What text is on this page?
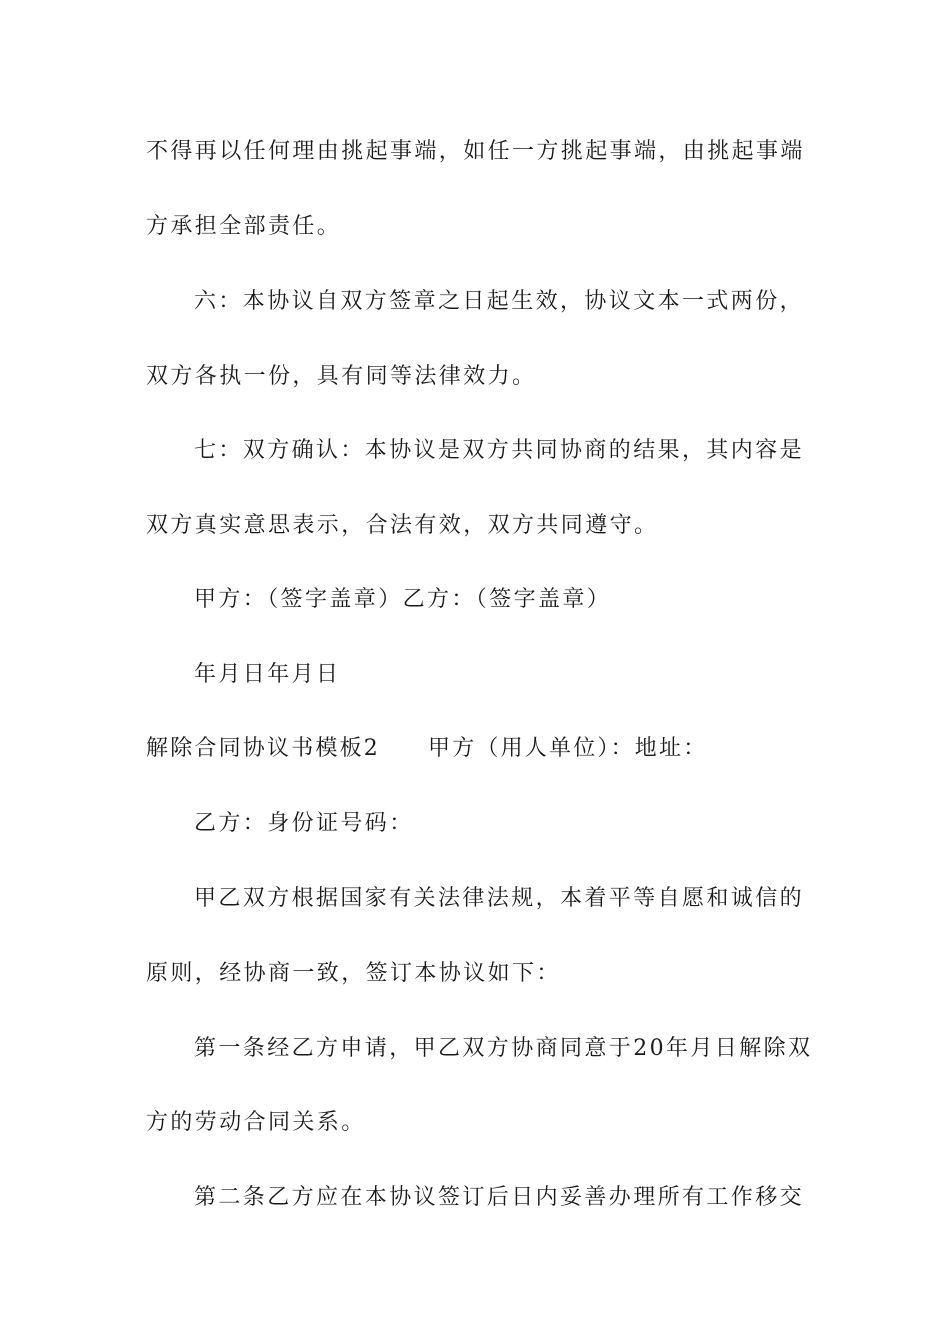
不得再以任何理由挑起事端，如任一方挑起事端，由挑起事端
方承担全部责任。
六：本协议自双方签章之日起生效，协议文本一式两份，
双方各执一份，具有同等法律效力。
七：双方确认：本协议是双方共同协商的结果，其内容是
双方真实意思表示，合法有效，双方共同遵守。
甲方：（签字盖章）乙方：（签字盖章）
年月日年月日
解除合同协议书模板2 甲方（用人单位）：地址：
乙方：身份证号码：
甲乙双方根据国家有关法律法规，本着平等自愿和诚信的
原则，经协商一致，签订本协议如下：
第一条经乙方申请，甲乙双方协商同意于20年月日解除双
方的劳动合同关系。
第二条乙方应在本协议签订后日内妥善办理所有工作移交
